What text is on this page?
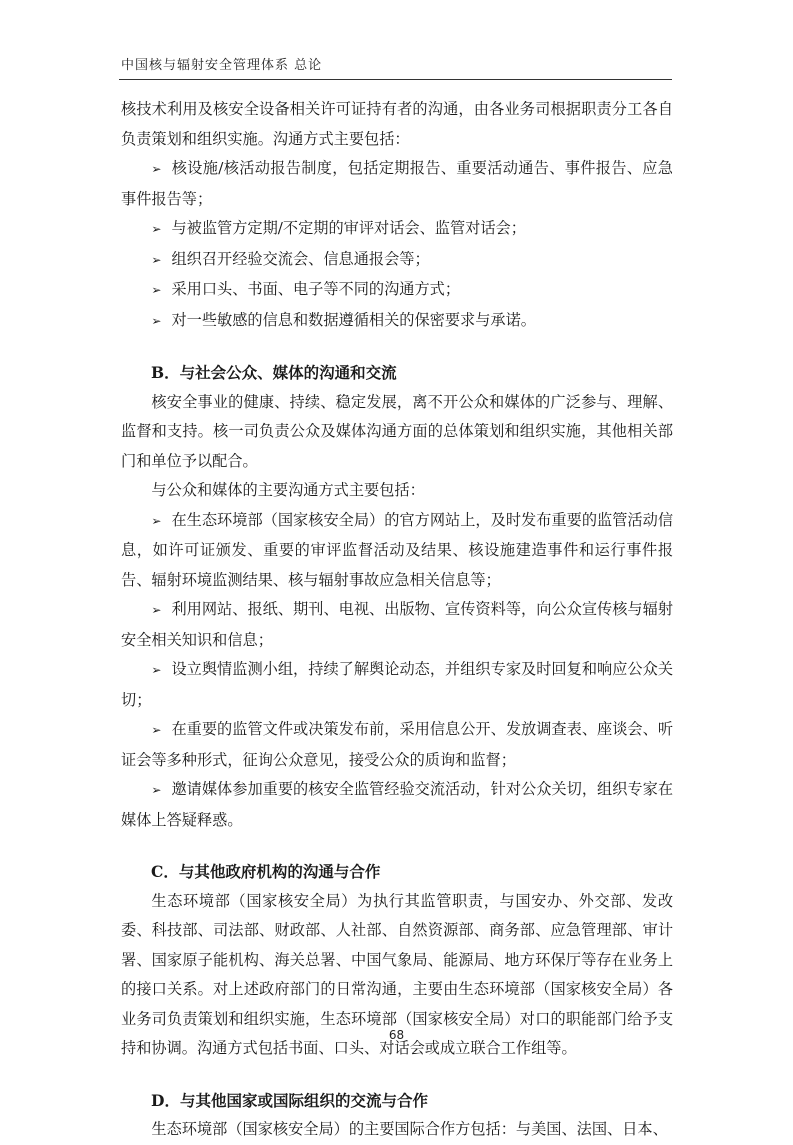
中国核与辐射安全管理体系 总论

核技术利用及核安全设备相关许可证持有者的沟通，由各业务司根据职责分工各自负责策划和组织实施。沟通方式主要包括：

➢ 核设施/核活动报告制度，包括定期报告、重要活动通告、事件报告、应急事件报告等；

➢ 与被监管方定期/不定期的审评对话会、监管对话会；

➢ 组织召开经验交流会、信息通报会等；

➢ 采用口头、书面、电子等不同的沟通方式；

➢ 对一些敏感的信息和数据遵循相关的保密要求与承诺。

B．与社会公众、媒体的沟通和交流

核安全事业的健康、持续、稳定发展，离不开公众和媒体的广泛参与、理解、监督和支持。核一司负责公众及媒体沟通方面的总体策划和组织实施，其他相关部门和单位予以配合。

与公众和媒体的主要沟通方式主要包括：

➢ 在生态环境部（国家核安全局）的官方网站上，及时发布重要的监管活动信息，如许可证颁发、重要的审评监督活动及结果、核设施建造事件和运行事件报告、辐射环境监测结果、核与辐射事故应急相关信息等；

➢ 利用网站、报纸、期刊、电视、出版物、宣传资料等，向公众宣传核与辐射安全相关知识和信息；

➢ 设立舆情监测小组，持续了解舆论动态，并组织专家及时回复和响应公众关切；

➢ 在重要的监管文件或决策发布前，采用信息公开、发放调查表、座谈会、听证会等多种形式，征询公众意见，接受公众的质询和监督；

➢ 邀请媒体参加重要的核安全监管经验交流活动，针对公众关切，组织专家在媒体上答疑释惑。

C．与其他政府机构的沟通与合作

生态环境部（国家核安全局）为执行其监管职责，与国安办、外交部、发改委、科技部、司法部、财政部、人社部、自然资源部、商务部、应急管理部、审计署、国家原子能机构、海关总署、中国气象局、能源局、地方环保厅等存在业务上的接口关系。对上述政府部门的日常沟通，主要由生态环境部（国家核安全局）各业务司负责策划和组织实施，生态环境部（国家核安全局）对口的职能部门给予支持和协调。沟通方式包括书面、口头、对话会或成立联合工作组等。

D．与其他国家或国际组织的交流与合作

生态环境部（国家核安全局）的主要国际合作方包括：与美国、法国、日本、

68
